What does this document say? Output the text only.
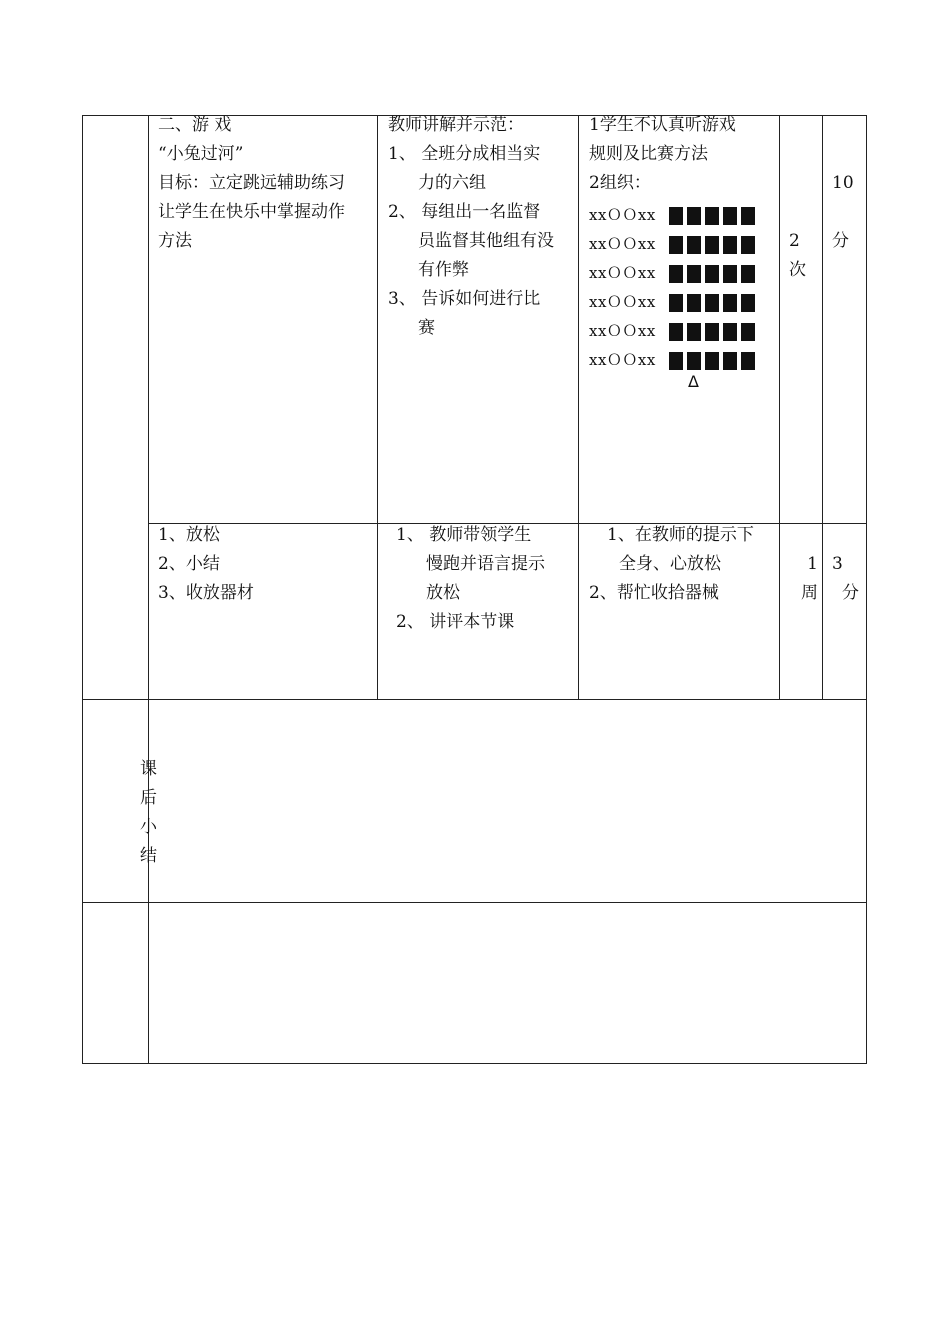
二、游 戏
“小兔过河”
目标：立定跳远辅助练习
让学生在快乐中掌握动作
方法
教师讲解并示范：
1、 全班分成相当实
力的六组
2、 每组出一名监督
员监督其他组有没
有作弊
3、 告诉如何进行比
赛
1学生不认真听游戏
规则及比赛方法
2组织：
xxＯＯxx
xxＯＯxx
xxＯＯxx
xxＯＯxx
xxＯＯxx
xxＯＯxx
Δ
2
次
10
分
1、放松
2、小结
3、收放器材
1、 教师带领学生
慢跑并语言提示
放松
2、 讲评本节课
1、在教师的提示下
全身、心放松
2、帮忙收拾器械
1
周
3
分
课
后
小
结
